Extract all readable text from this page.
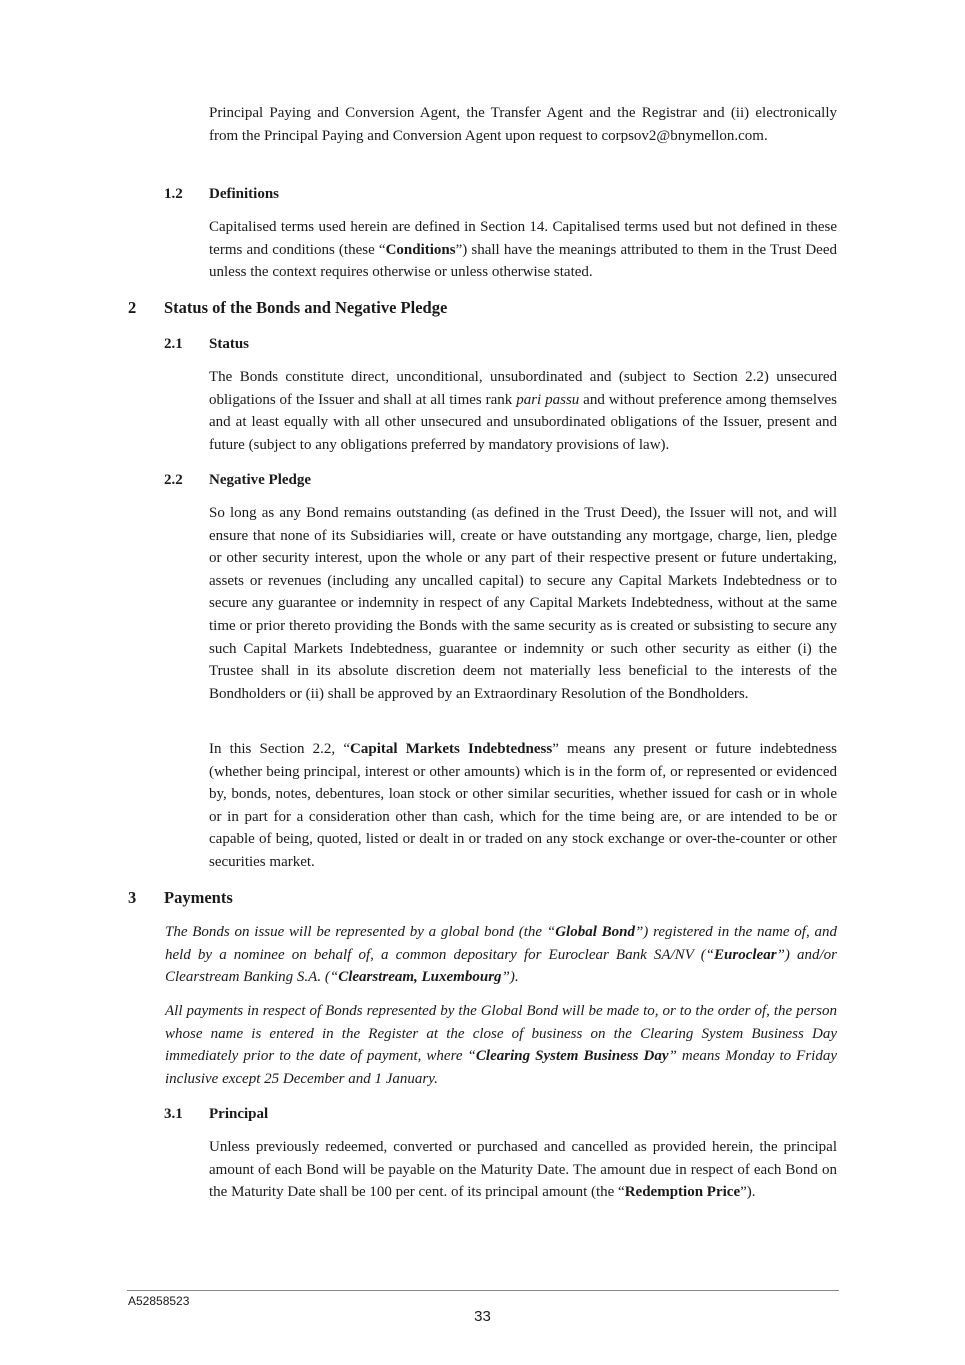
Principal Paying and Conversion Agent, the Transfer Agent and the Registrar and (ii) electronically from the Principal Paying and Conversion Agent upon request to corpsov2@bnymellon.com.

1.2 Definitions

Capitalised terms used herein are defined in Section 14. Capitalised terms used but not defined in these terms and conditions (these “Conditions”) shall have the meanings attributed to them in the Trust Deed unless the context requires otherwise or unless otherwise stated.

2 Status of the Bonds and Negative Pledge
2.1 Status

The Bonds constitute direct, unconditional, unsubordinated and (subject to Section 2.2) unsecured obligations of the Issuer and shall at all times rank pari passu and without preference among themselves and at least equally with all other unsecured and unsubordinated obligations of the Issuer, present and future (subject to any obligations preferred by mandatory provisions of law).

2.2 Negative Pledge

So long as any Bond remains outstanding (as defined in the Trust Deed), the Issuer will not, and will ensure that none of its Subsidiaries will, create or have outstanding any mortgage, charge, lien, pledge or other security interest, upon the whole or any part of their respective present or future undertaking, assets or revenues (including any uncalled capital) to secure any Capital Markets Indebtedness or to secure any guarantee or indemnity in respect of any Capital Markets Indebtedness, without at the same time or prior thereto providing the Bonds with the same security as is created or subsisting to secure any such Capital Markets Indebtedness, guarantee or indemnity or such other security as either (i) the Trustee shall in its absolute discretion deem not materially less beneficial to the interests of the Bondholders or (ii) shall be approved by an Extraordinary Resolution of the Bondholders.

In this Section 2.2, “Capital Markets Indebtedness” means any present or future indebtedness (whether being principal, interest or other amounts) which is in the form of, or represented or evidenced by, bonds, notes, debentures, loan stock or other similar securities, whether issued for cash or in whole or in part for a consideration other than cash, which for the time being are, or are intended to be or capable of being, quoted, listed or dealt in or traded on any stock exchange or over-the-counter or other securities market.

3 Payments

The Bonds on issue will be represented by a global bond (the “Global Bond”) registered in the name of, and held by a nominee on behalf of, a common depositary for Euroclear Bank SA/NV (“Euroclear”) and/or Clearstream Banking S.A. (“Clearstream, Luxembourg”).

All payments in respect of Bonds represented by the Global Bond will be made to, or to the order of, the person whose name is entered in the Register at the close of business on the Clearing System Business Day immediately prior to the date of payment, where “Clearing System Business Day” means Monday to Friday inclusive except 25 December and 1 January.

3.1 Principal

Unless previously redeemed, converted or purchased and cancelled as provided herein, the principal amount of each Bond will be payable on the Maturity Date. The amount due in respect of each Bond on the Maturity Date shall be 100 per cent. of its principal amount (the “Redemption Price”).

A52858523
33
